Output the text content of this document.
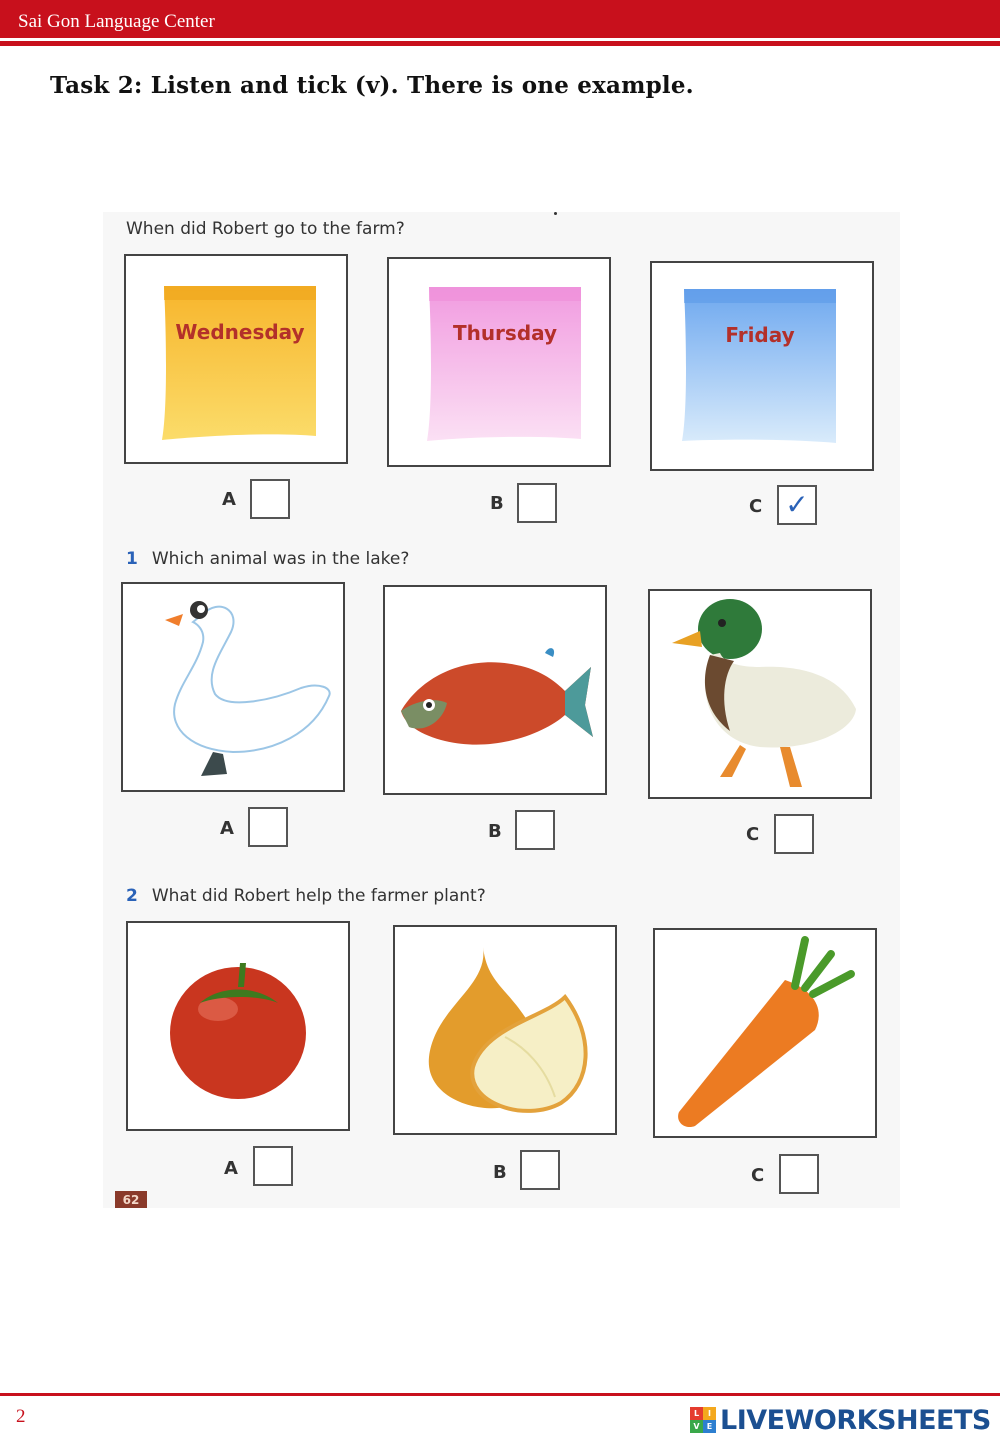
Sai Gon Language Center
Task 2: Listen and tick (v). There is one example.
When did Robert go to the farm?
Wednesday	Thursday	Friday
A	B	C ✓
1 Which animal was in the lake?
A	B	C
2 What did Robert help the farmer plant?
A	B	C
62
2	L	I
V E LIVEWORKSHEETS
